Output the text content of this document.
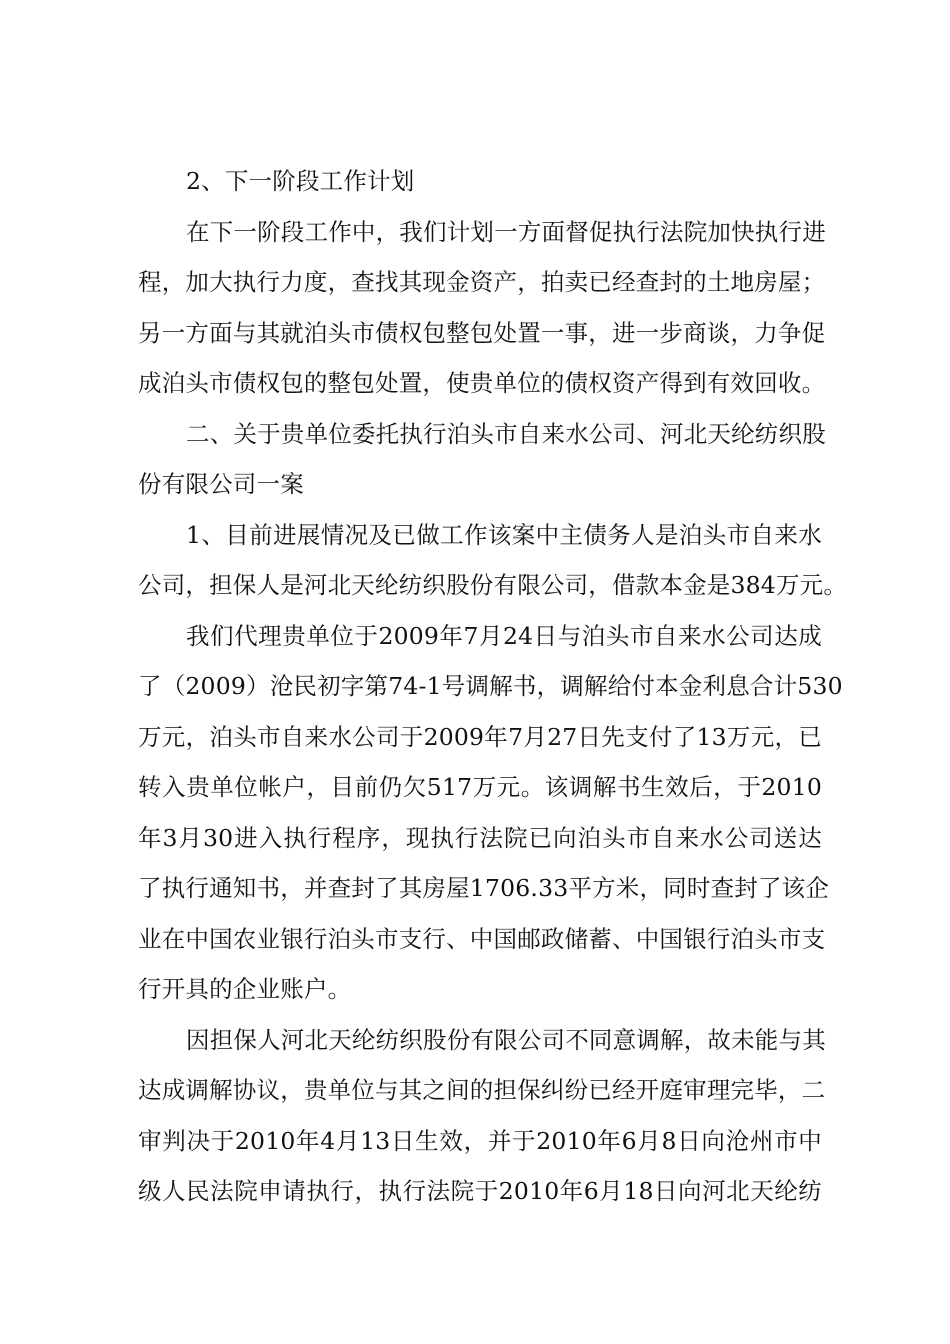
2、下一阶段工作计划
在下一阶段工作中，我们计划一方面督促执行法院加快执行进
程，加大执行力度，查找其现金资产，拍卖已经查封的土地房屋；
另一方面与其就泊头市债权包整包处置一事，进一步商谈，力争促
成泊头市债权包的整包处置，使贵单位的债权资产得到有效回收。
二、关于贵单位委托执行泊头市自来水公司、河北天纶纺织股
份有限公司一案
1、目前进展情况及已做工作该案中主债务人是泊头市自来水
公司，担保人是河北天纶纺织股份有限公司，借款本金是384万元。
我们代理贵单位于2009年7月24日与泊头市自来水公司达成
了（2009）沧民初字第74-1号调解书，调解给付本金利息合计530
万元，泊头市自来水公司于2009年7月27日先支付了13万元，已
转入贵单位帐户，目前仍欠517万元。该调解书生效后，于2010
年3月30进入执行程序，现执行法院已向泊头市自来水公司送达
了执行通知书，并查封了其房屋1706.33平方米，同时查封了该企
业在中国农业银行泊头市支行、中国邮政储蓄、中国银行泊头市支
行开具的企业账户。
因担保人河北天纶纺织股份有限公司不同意调解，故未能与其
达成调解协议，贵单位与其之间的担保纠纷已经开庭审理完毕，二
审判决于2010年4月13日生效，并于2010年6月8日向沧州市中
级人民法院申请执行，执行法院于2010年6月18日向河北天纶纺
